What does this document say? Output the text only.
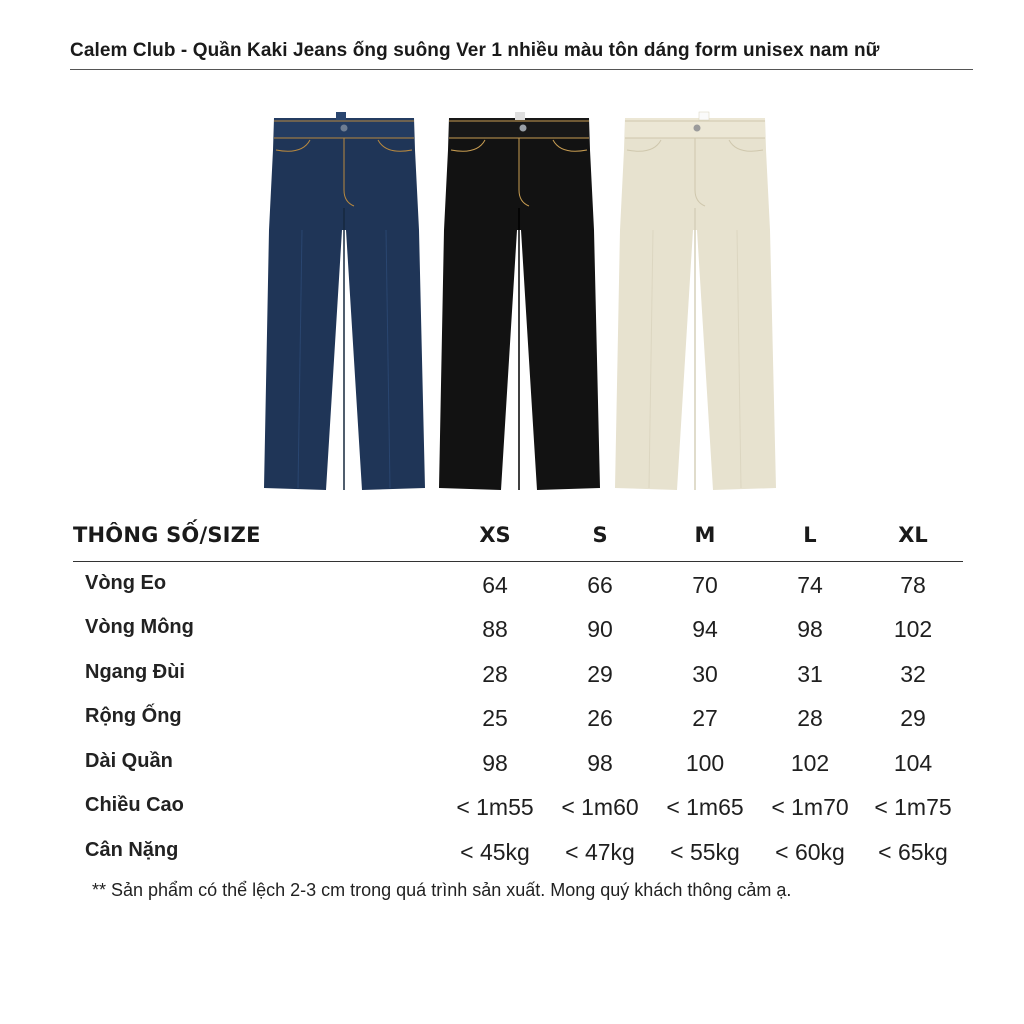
Calem Club - Quần Kaki Jeans ống suông Ver 1 nhiều màu tôn dáng form unisex nam nữ
THÔNG SỐ/SIZE	XS	S	M	L	XL
Vòng Eo	64	66	70	74	78
Vòng Mông	88	90	94	98	102
Ngang Đùi	28	29	30	31	32
Rộng Ống	25	26	27	28	29
Dài Quần	98	98	100	102	104
Chiều Cao	< 1m55	< 1m60	< 1m65	< 1m70	< 1m75
Cân Nặng	< 45kg	< 47kg	< 55kg	< 60kg	< 65kg
** Sản phẩm có thể lệch 2-3 cm trong quá trình sản xuất. Mong quý khách thông cảm ạ.
